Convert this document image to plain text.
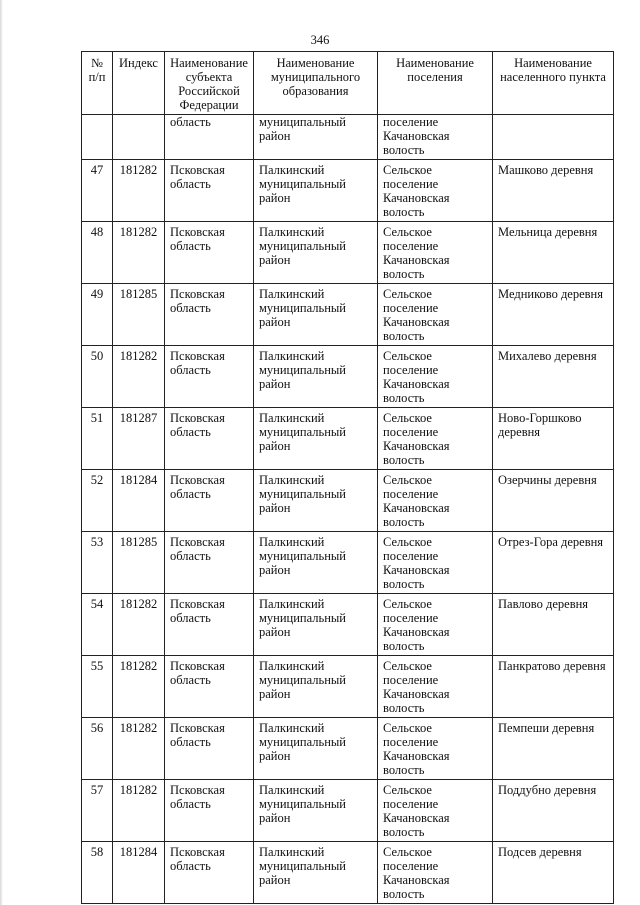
346
№ п/п	Индекс	Наименование субъекта Российской Федерации	Наименование муниципального образования	Наименование поселения	Наименование населенного пункта
		область	муниципальный район	поселение Качановская волость	
47	181282	Псковская область	Палкинский муниципальный район	Сельское поселение Качановская волость	Машково деревня
48	181282	Псковская область	Палкинский муниципальный район	Сельское поселение Качановская волость	Мельница деревня
49	181285	Псковская область	Палкинский муниципальный район	Сельское поселение Качановская волость	Медниково деревня
50	181282	Псковская область	Палкинский муниципальный район	Сельское поселение Качановская волость	Михалево деревня
51	181287	Псковская область	Палкинский муниципальный район	Сельское поселение Качановская волость	Ново-Горшково деревня
52	181284	Псковская область	Палкинский муниципальный район	Сельское поселение Качановская волость	Озерчины деревня
53	181285	Псковская область	Палкинский муниципальный район	Сельское поселение Качановская волость	Отрез-Гора деревня
54	181282	Псковская область	Палкинский муниципальный район	Сельское поселение Качановская волость	Павлово деревня
55	181282	Псковская область	Палкинский муниципальный район	Сельское поселение Качановская волость	Панкратово деревня
56	181282	Псковская область	Палкинский муниципальный район	Сельское поселение Качановская волость	Пемпеши деревня
57	181282	Псковская область	Палкинский муниципальный район	Сельское поселение Качановская волость	Поддубно деревня
58	181284	Псковская область	Палкинский муниципальный район	Сельское поселение Качановская волость	Подсев деревня
